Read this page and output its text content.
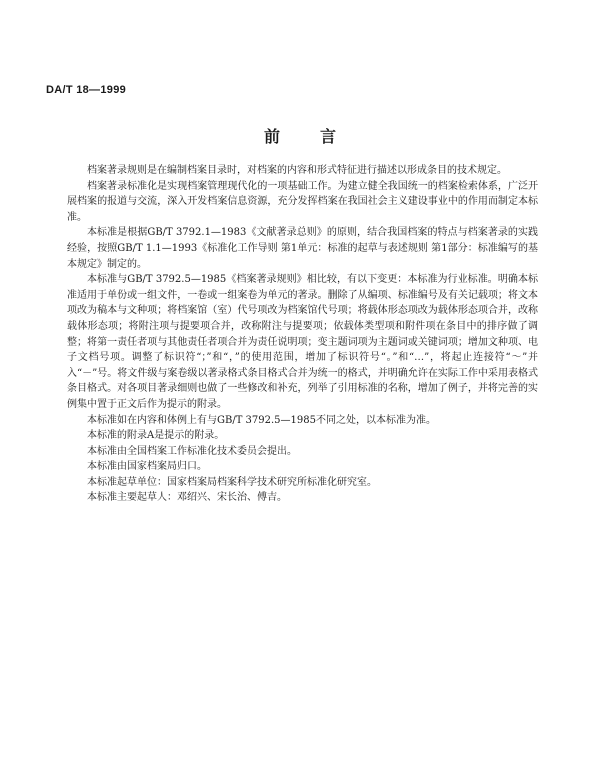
DA/T 18—1999
前言

档案著录规则是在编制档案目录时，对档案的内容和形式特征进行描述以形成条目的技术规定。

档案著录标准化是实现档案管理现代化的一项基础工作。为建立健全我国统一的档案检索体系，广泛开展档案的报道与交流，深入开发档案信息资源，充分发挥档案在我国社会主义建设事业中的作用而制定本标准。

本标准是根据GB/T 3792.1—1983《文献著录总则》的原则，结合我国档案的特点与档案著录的实践经验，按照GB/T 1.1—1993《标准化工作导则 第1单元：标准的起草与表述规则 第1部分：标准编写的基本规定》制定的。

本标准与GB/T 3792.5—1985《档案著录规则》相比较，有以下变更：本标准为行业标准。明确本标准适用于单份或一组文件，一卷或一组案卷为单元的著录。删除了从编项、标准编号及有关记载项；将文本项改为稿本与文种项；将档案馆（室）代号项改为档案馆代号项；将载体形态项改为载体形态项合并，改称载体形态项；将附注项与提要项合并，改称附注与提要项；依载体类型项和附件项在条目中的排序做了调整；将第一责任者项与其他责任者项合并为责任说明项；变主题词项为主题词或关键词项；增加文种项、电子文档号项。调整了标识符“；”和“，”的使用范围，增加了标识符号“。”和“…”，将起止连接符“～”并入“－”号。将文件级与案卷级以著录格式条目格式合并为统一的格式，并明确允许在实际工作中采用表格式条目格式。对各项目著录细则也做了一些修改和补充，列举了引用标准的名称，增加了例子，并将完善的实例集中置于正文后作为提示的附录。

本标准如在内容和体例上有与GB/T 3792.5—1985不同之处，以本标准为准。

本标准的附录A是提示的附录。

本标准由全国档案工作标准化技术委员会提出。

本标准由国家档案局归口。

本标准起草单位：国家档案局档案科学技术研究所标准化研究室。

本标准主要起草人：邓绍兴、宋长治、傅吉。
